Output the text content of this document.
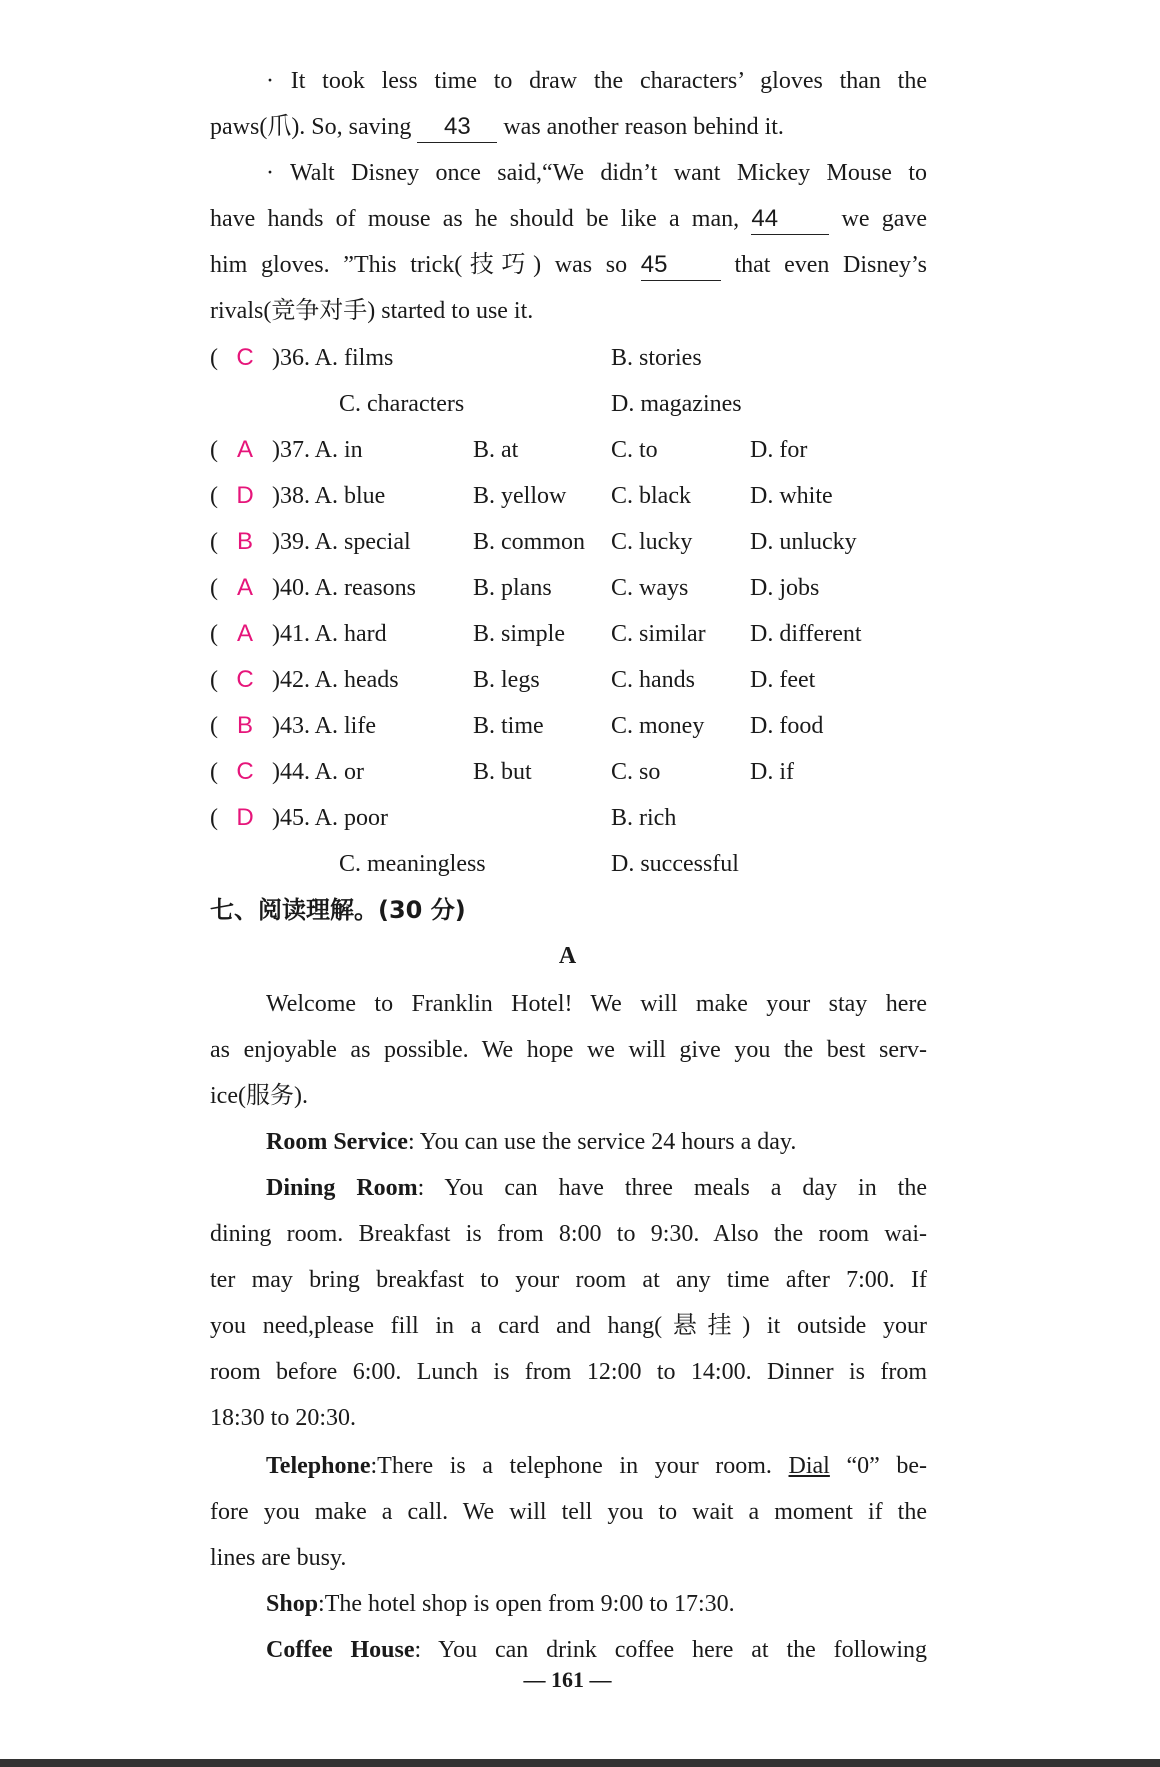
· It took less time to draw the characters’ gloves than the
paws(爪). So, saving 43 was another reason behind it.
· Walt Disney once said,“We didn’t want Mickey Mouse to
have hands of mouse as he should be like a man, 44	we gave
him gloves. ”This trick(技巧) was so 45	that even Disney’s
rivals(竞争对手) started to use it.
( C )36. A. films	B. stories
C. characters	D. magazines
( A )37. A. in	B. at	C. to	D. for
( D )38. A. blue	B. yellow C. black D. white
( B )39. A. special	B. common C. lucky D. unlucky
( A )40. A. reasons B. plans C. ways	D. jobs
( A )41. A. hard	B. simple C. similar D. different
( C )42. A. heads	B. legs	C. hands D. feet
( B )43. A. life	B. time	C. money D. food
( C )44. A. or	B. but	C. so	D. if
( D )45. A. poor	B. rich
C. meaningless	D. successful
七、阅读理解。(30 分)
A
Welcome to Franklin Hotel! We will make your stay here
as enjoyable as possible. We hope we will give you the best serv-
ice(服务).
Room Service: You can use the service 24 hours a day.
Dining Room: You can have three meals a day in the
dining room. Breakfast is from 8:00 to 9:30. Also the room wai-
ter may bring breakfast to your room at any time after 7:00. If
you need,please fill in a card and hang(悬挂) it outside your
room before 6:00. Lunch is from 12:00 to 14:00. Dinner is from
18:30 to 20:30.
Telephone:There is a telephone in your room. Dial “0” be-
fore you make a call. We will tell you to wait a moment if the
lines are busy.
Shop:The hotel shop is open from 9:00 to 17:30.
Coffee House: You can drink coffee here at the following
— 161 —
